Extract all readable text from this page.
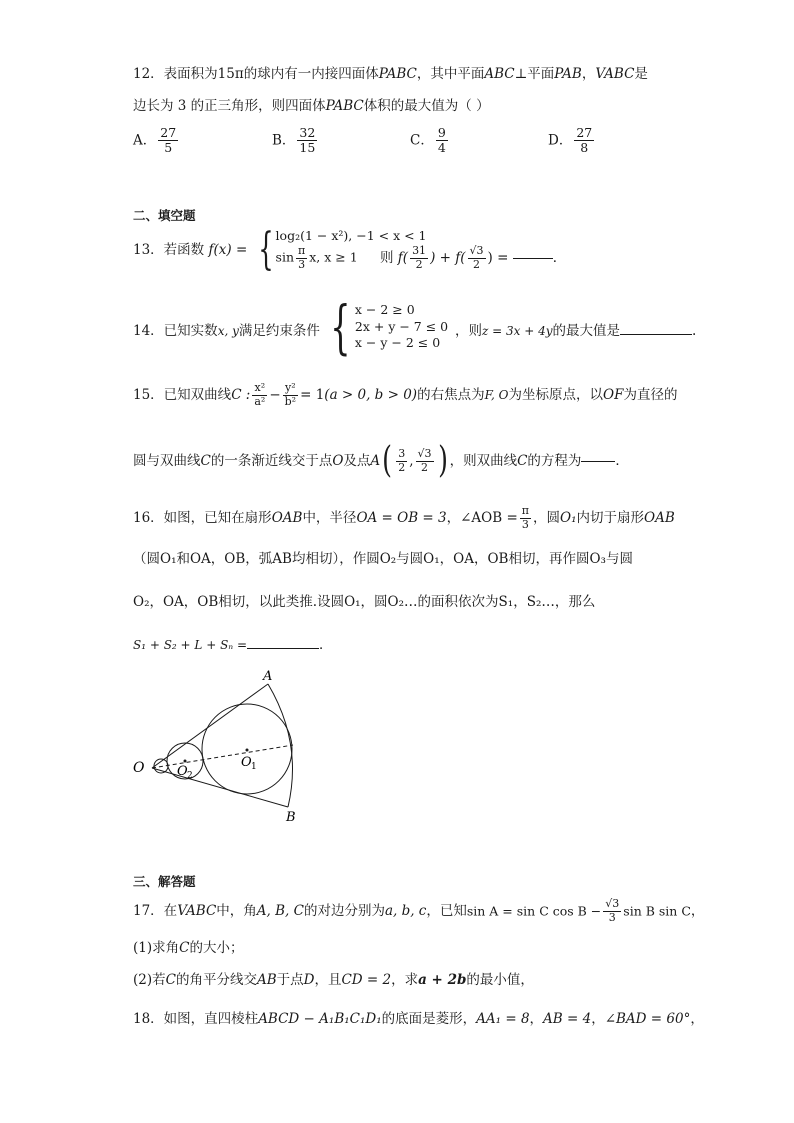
12．表面积为15π的球内有一内接四面体PABC，其中平面ABC⊥平面PAB，VABC是
边长为 3 的正三角形，则四面体PABC体积的最大值为（ ）
A． $\frac{27}{5}$	B． $\frac{32}{15}$	C． $\frac{9}{4}$	D． $\frac{27}{8}$
二、填空题
13．若函数 f(x) = { log₂(1 − x²), −1 < x < 1
$\sin \frac{\pi}{3} x$, x ≥ 1	则 $f( \frac{31}{2}$ ) + $f( \frac{√3}{2}$ ) =	．
14．已知实数x, y满足约束条件 { x − 2 ≥ 0
2x + y − 7 ≤ 0
x − y − 2 ≤ 0
，则z = 3x + 4y的最大值是	.
15．已知双曲线C : $\frac{\text{x²}}{\text{a²}} - \frac{\text{y²}}{\text{b²}} = 1(a > 0$, b > 0)的右焦点为F, O为坐标原点，以OF为直径的
圆与双曲线C的一条渐近线交于点O及点$A( \frac{3}{2}$ , $\frac{√3}{2}$ ) ，则双曲线C的方程为	．
16．如图，已知在扇形OAB中，半径OA = OB = 3，∠AOB = $\frac{\pi}{3}$ ，圆O₁内切于扇形OAB
（圆O₁和OA，OB，弧AB均相切），作圆O₂与圆O₁，OA，OB相切，再作圆O₃与圆
O₂，OA，OB相切，以此类推.设圆O₁，圆O₂…的面积依次为S₁，S₂…，那么
S₁ + S₂ + L + Sₙ =	．
O
A
B
O 1
O 2
三、解答题
17．在VABC中，角A, B, C的对边分别为a, b, c，已知sin A = sin C $\cos B - \frac{√3}{3}$ sin B sin C，
(1)求角C的大小；
(2)若C的角平分线交AB于点D，且CD = 2，求a + 2b的最小值，
18．如图，直四棱柱ABCD − A₁B₁C₁D₁的底面是菱形，AA₁ = 8，AB = 4，∠BAD = 60°，
